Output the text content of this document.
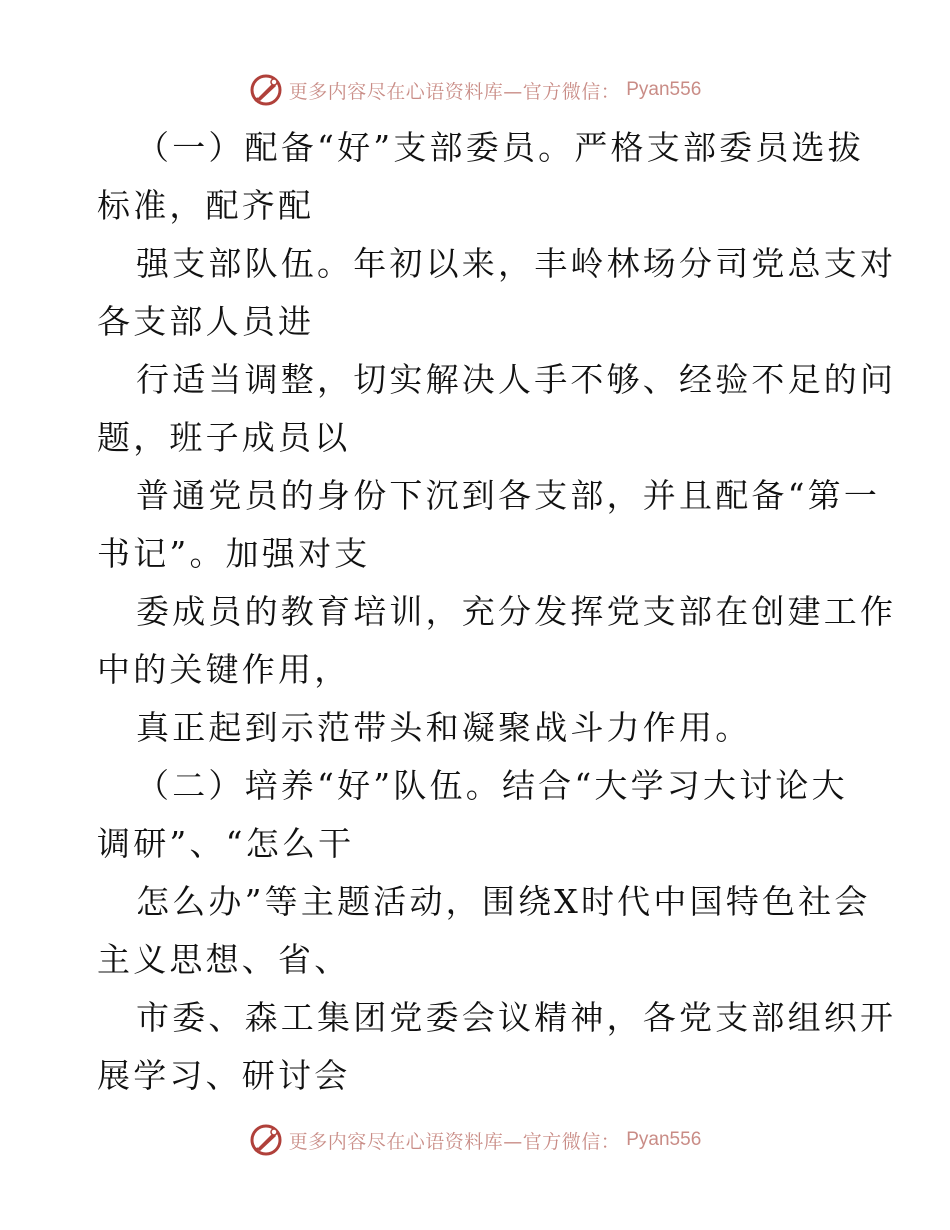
更多内容尽在心语资料库—官方微信： Pyan556
（一）配备“好”支部委员。严格支部委员选拔
标准，配齐配
强支部队伍。年初以来，丰岭林场分司党总支对
各支部人员进
行适当调整，切实解决人手不够、经验不足的问
题，班子成员以
普通党员的身份下沉到各支部，并且配备“第一
书记”。加强对支
委成员的教育培训，充分发挥党支部在创建工作
中的关键作用，
真正起到示范带头和凝聚战斗力作用。
（二）培养“好”队伍。结合“大学习大讨论大
调研”、“怎么干
怎么办”等主题活动，围绕X时代中国特色社会
主义思想、省、
市委、森工集团党委会议精神，各党支部组织开
展学习、研讨会
更多内容尽在心语资料库—官方微信： Pyan556
